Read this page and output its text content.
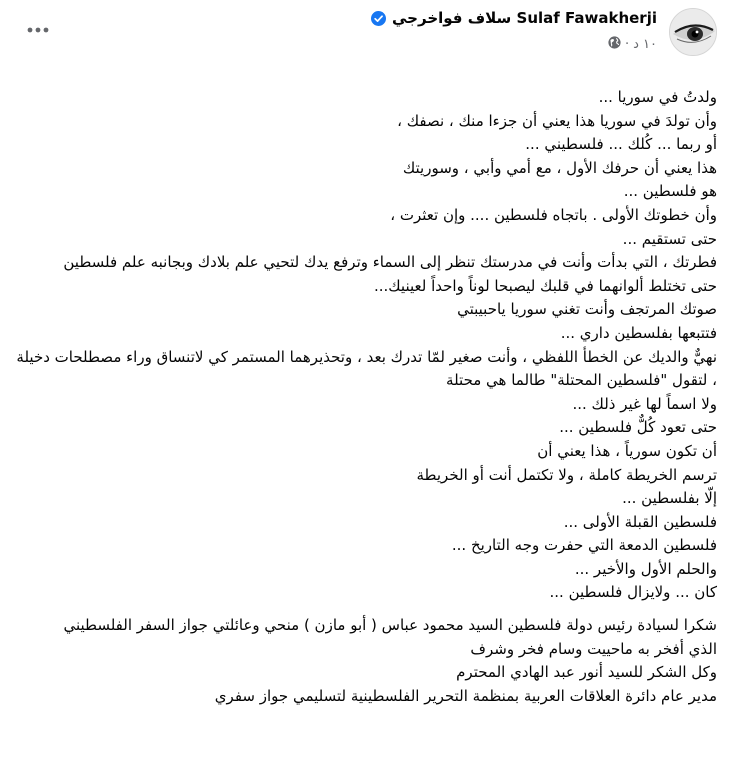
Sulaf Fawakherji سلاف فواخرجي
١٠ د
·
ولدتُ في سوريا ...
وأن تولدَ في سوريا هذا يعني أن جزءا منك ، نصفك ،
أو ربما ... كُلك ... فلسطيني ...
هذا يعني أن حرفك الأول ، مع أمي وأبي ، وسوريتك
هو فلسطين ...
وأن خطوتك الأولى . باتجاه فلسطين .... وإن تعثرت ،
حتى تستقيم ...
فطرتك ، التي بدأت وأنت في مدرستك تنظر إلى السماء وترفع يدك لتحيي علم بلادك وبجانبه علم فلسطين
حتى تختلط ألوانهما في قلبك ليصبحا لوناً واحداً لعينيك...
صوتك المرتجف وأنت تغني سوريا ياحبيبتي
فتتبعها بفلسطين داري ...
نهيٌّ والديك عن الخطأ اللفظي ، وأنت صغير لمّا تدرك بعد ، وتحذيرهما المستمر كي لاتنساق وراء مصطلحات دخيلة ، لتقول "فلسطين المحتلة" طالما هي محتلة
ولا اسماً لها غير ذلك ...
حتى تعود كُلٌّ فلسطين ...
أن تكون سورياً ، هذا يعني أن
ترسم الخريطة كاملة ، ولا تكتمل أنت أو الخريطة
إلّا بفلسطين ...
فلسطين القبلة الأولى ...
فلسطين الدمعة التي حفرت وجه التاريخ ...
والحلم الأول والأخير ...
كان ... ولايزال فلسطين ...
شكرا لسيادة رئيس دولة فلسطين السيد محمود عباس ( أبو مازن ) منحي وعائلتي جواز السفر الفلسطيني
الذي أفخر به ماحييت وسام فخر وشرف
وكل الشكر للسيد أنور عبد الهادي المحترم
مدير عام دائرة العلاقات العربية بمنظمة التحرير الفلسطينية لتسليمي جواز سفري
